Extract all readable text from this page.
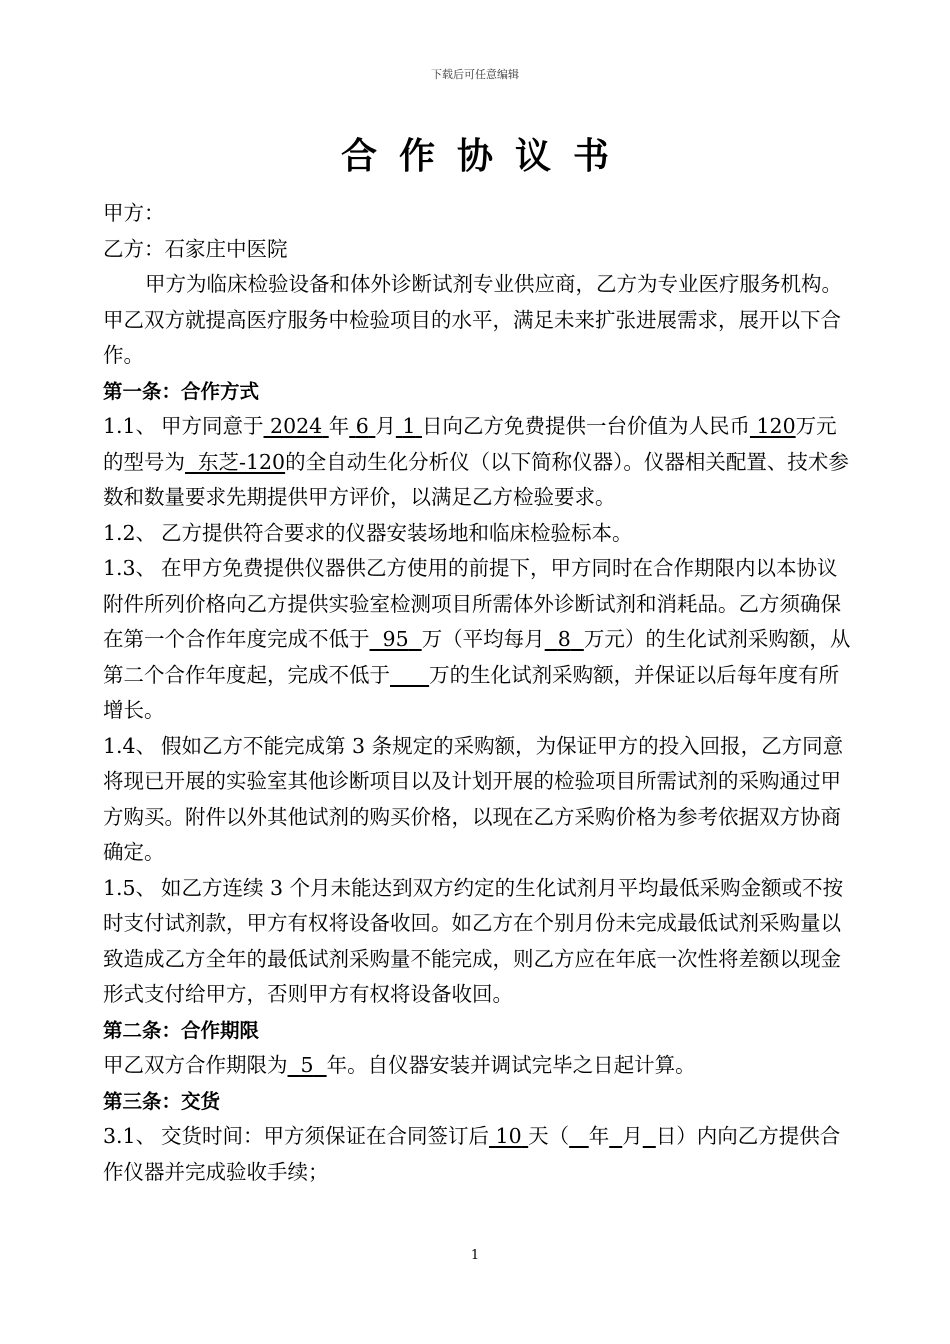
下载后可任意编辑
合作协议书

甲方：

乙方：石家庄中医院

甲方为临床检验设备和体外诊断试剂专业供应商，乙方为专业医疗服务机构。甲乙双方就提高医疗服务中检验项目的水平，满足未来扩张进展需求，展开以下合作。

第一条：合作方式

1.1、 甲方同意于 2024 年 6 月 1 日向乙方免费提供一台价值为人民币 120万元的型号为 东芝-120的全自动生化分析仪（以下简称仪器）。仪器相关配置、技术参数和数量要求先期提供甲方评价，以满足乙方检验要求。

1.2、 乙方提供符合要求的仪器安装场地和临床检验标本。

1.3、 在甲方免费提供仪器供乙方使用的前提下，甲方同时在合作期限内以本协议附件所列价格向乙方提供实验室检测项目所需体外诊断试剂和消耗品。乙方须确保在第一个合作年度完成不低于 95 万（平均每月 8 万元）的生化试剂采购额，从第二个合作年度起，完成不低于 万的生化试剂采购额，并保证以后每年度有所增长。

1.4、 假如乙方不能完成第 3 条规定的采购额，为保证甲方的投入回报，乙方同意将现已开展的实验室其他诊断项目以及计划开展的检验项目所需试剂的采购通过甲方购买。附件以外其他试剂的购买价格，以现在乙方采购价格为参考依据双方协商确定。

1.5、 如乙方连续 3 个月未能达到双方约定的生化试剂月平均最低采购金额或不按时支付试剂款，甲方有权将设备收回。如乙方在个别月份未完成最低试剂采购量以致造成乙方全年的最低试剂采购量不能完成，则乙方应在年底一次性将差额以现金形式支付给甲方，否则甲方有权将设备收回。

第二条：合作期限

甲乙双方合作期限为 5 年。自仪器安装并调试完毕之日起计算。

第三条：交货

3.1、 交货时间：甲方须保证在合同签订后 10 天（ 年 月 日）内向乙方提供合作仪器并完成验收手续；

1
